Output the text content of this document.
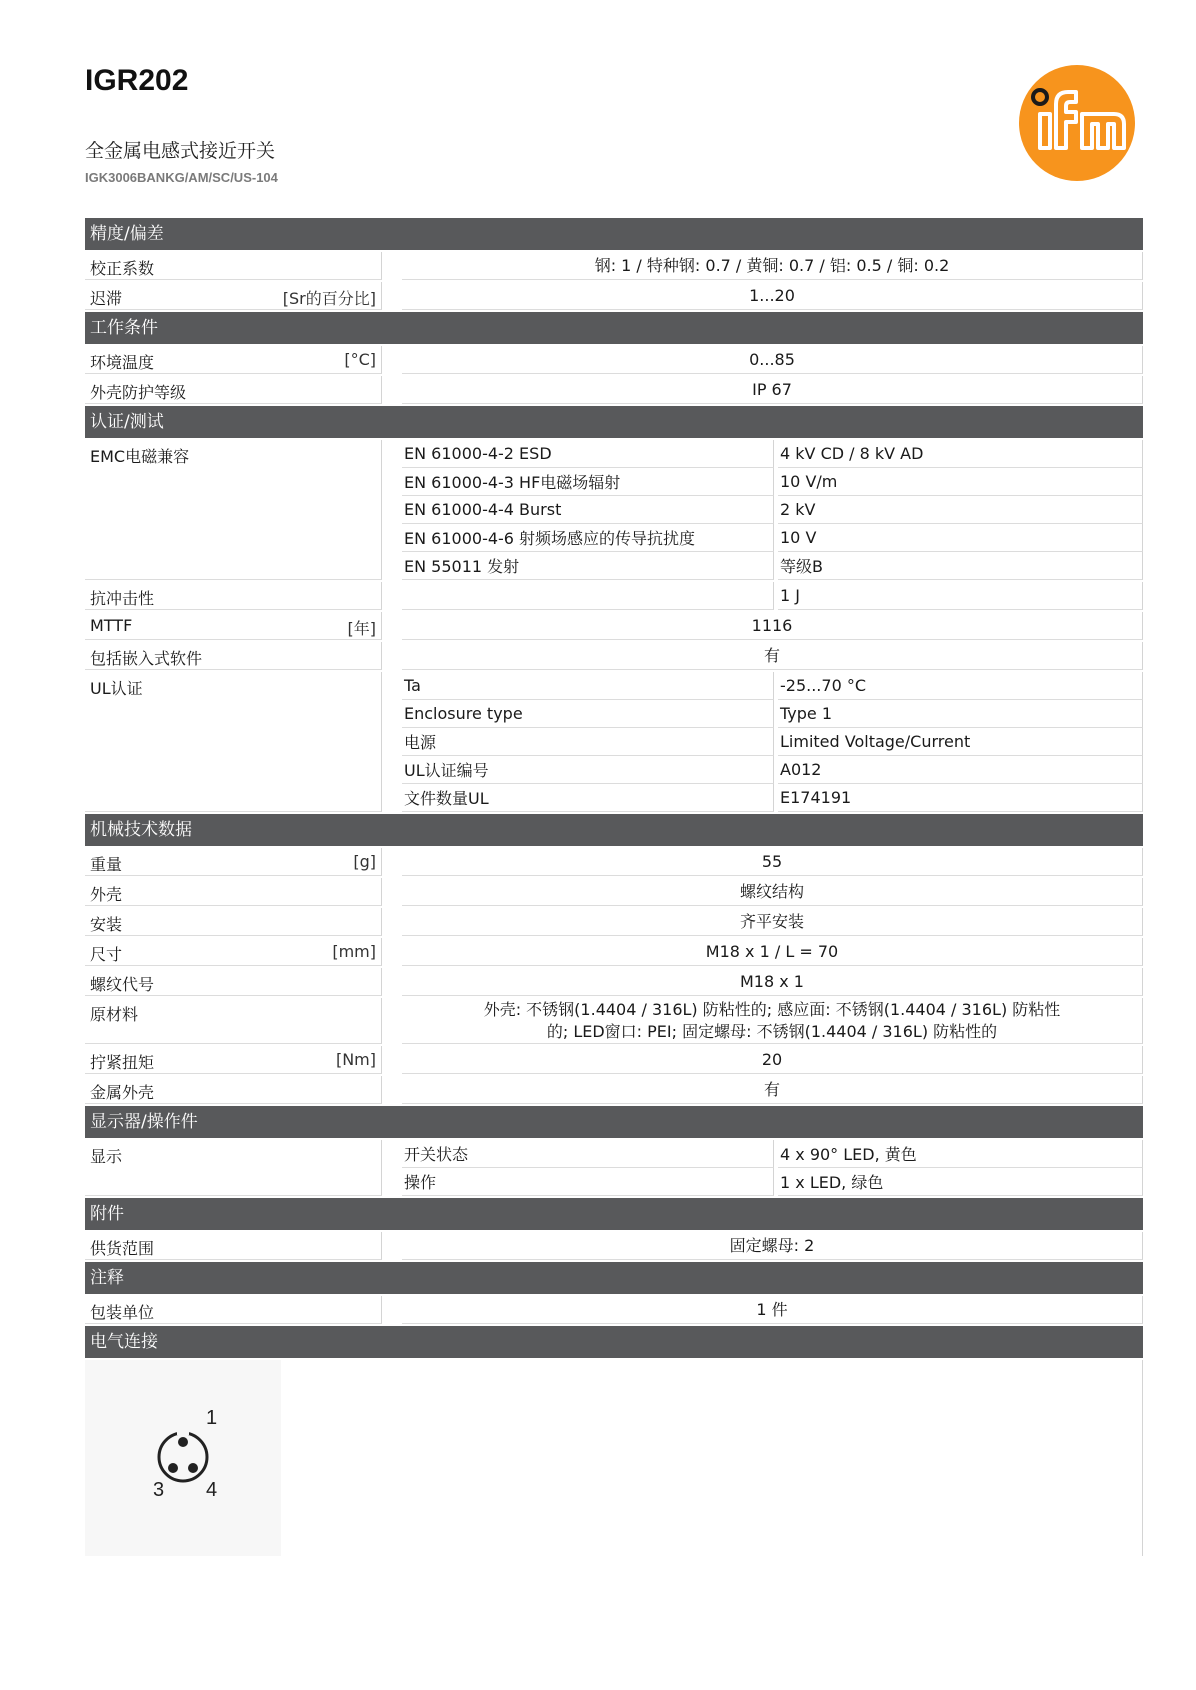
IGR202
全金属电感式接近开关
IGK3006BANKG/AM/SC/US-104
精度/偏差
校正系数	钢: 1 / 特种钢: 0.7 / 黄铜: 0.7 / 铝: 0.5 / 铜: 0.2
迟滞	[Sr的百分比]	1...20
工作条件
环境温度	[°C]	0...85
外壳防护等级	IP 67
认证/测试
EMC电磁兼容	EN 61000-4-2 ESD	4 kV CD / 8 kV AD
EN 61000-4-3 HF电磁场辐射	10 V/m
EN 61000-4-4 Burst	2 kV
EN 61000-4-6 射频场感应的传导抗扰度	10 V
EN 55011 发射	等级B
抗冲击性	1 J
MTTF	[年]	1116
包括嵌入式软件	有
UL认证	Ta	-25...70 °C
Enclosure type	Type 1
电源	Limited Voltage/Current
UL认证编号	A012
文件数量UL	E174191
机械技术数据
重量	[g]	55
外壳	螺纹结构
安装	齐平安装
尺寸	[mm]	M18 x 1 / L = 70
螺纹代号	M18 x 1
原材料	外壳: 不锈钢(1.4404 / 316L) 防粘性的; 感应面: 不锈钢(1.4404 / 316L) 防粘性的; LED窗口: PEI; 固定螺母: 不锈钢(1.4404 / 316L) 防粘性的
拧紧扭矩	[Nm]	20
金属外壳	有
显示器/操作件
显示	开关状态	4 x 90° LED, 黄色
操作	1 x LED, 绿色
附件
供货范围	固定螺母: 2
注释
包装单位	1 件
电气连接
1
3 4
